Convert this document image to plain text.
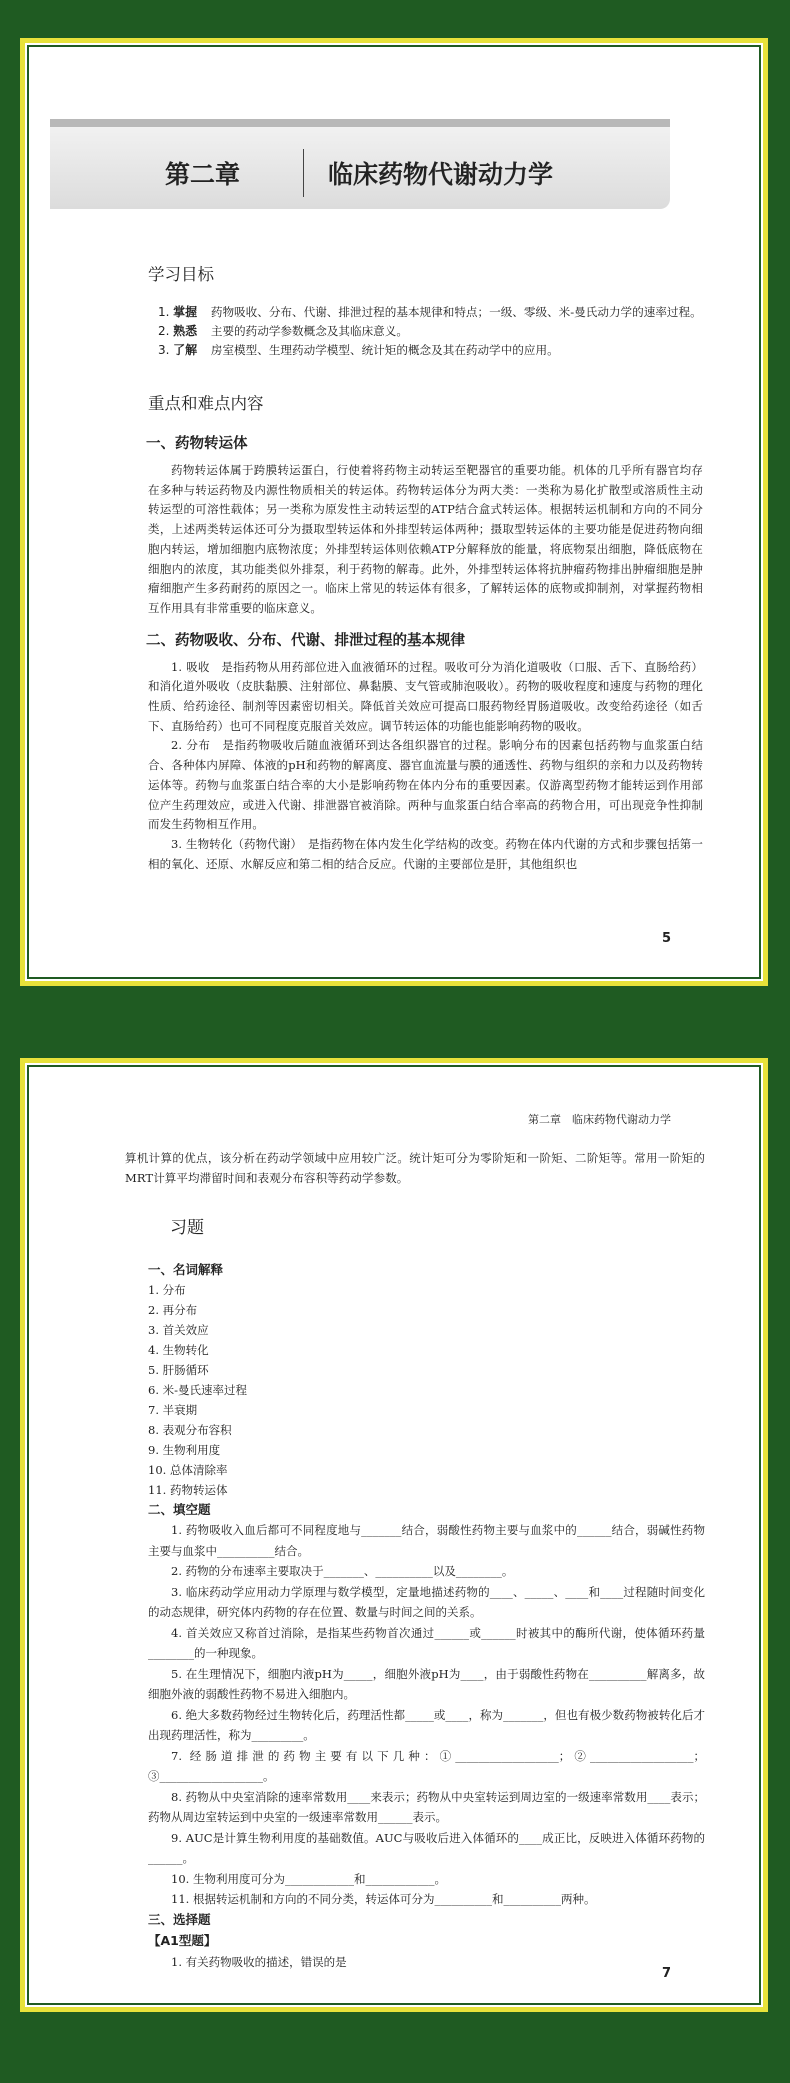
第二章	临床药物代谢动力学
学习目标
1. 掌握 药物吸收、分布、代谢、排泄过程的基本规律和特点；一级、零级、米-曼氏动力学的速率过程。
2. 熟悉 主要的药动学参数概念及其临床意义。
3. 了解 房室模型、生理药动学模型、统计矩的概念及其在药动学中的应用。
重点和难点内容
一、药物转运体

药物转运体属于跨膜转运蛋白，行使着将药物主动转运至靶器官的重要功能。机体的几乎所有器官均存在多种与转运药物及内源性物质相关的转运体。药物转运体分为两大类：一类称为易化扩散型或溶质性主动转运型的可溶性载体；另一类称为原发性主动转运型的ATP结合盒式转运体。根据转运机制和方向的不同分类，上述两类转运体还可分为摄取型转运体和外排型转运体两种；摄取型转运体的主要功能是促进药物向细胞内转运，增加细胞内底物浓度；外排型转运体则依赖ATP分解释放的能量，将底物泵出细胞，降低底物在细胞内的浓度，其功能类似外排泵，利于药物的解毒。此外，外排型转运体将抗肿瘤药物排出肿瘤细胞是肿瘤细胞产生多药耐药的原因之一。临床上常见的转运体有很多，了解转运体的底物或抑制剂，对掌握药物相互作用具有非常重要的临床意义。

二、药物吸收、分布、代谢、排泄过程的基本规律

1. 吸收　是指药物从用药部位进入血液循环的过程。吸收可分为消化道吸收（口服、舌下、直肠给药）和消化道外吸收（皮肤黏膜、注射部位、鼻黏膜、支气管或肺泡吸收）。药物的吸收程度和速度与药物的理化性质、给药途径、制剂等因素密切相关。降低首关效应可提高口服药物经胃肠道吸收。改变给药途径（如舌下、直肠给药）也可不同程度克服首关效应。调节转运体的功能也能影响药物的吸收。

2. 分布　是指药物吸收后随血液循环到达各组织器官的过程。影响分布的因素包括药物与血浆蛋白结合、各种体内屏障、体液的pH和药物的解离度、器官血流量与膜的通透性、药物与组织的亲和力以及药物转运体等。药物与血浆蛋白结合率的大小是影响药物在体内分布的重要因素。仅游离型药物才能转运到作用部位产生药理效应，或进入代谢、排泄器官被消除。两种与血浆蛋白结合率高的药物合用，可出现竞争性抑制而发生药物相互作用。

3. 生物转化（药物代谢）　是指药物在体内发生化学结构的改变。药物在体内代谢的方式和步骤包括第一相的氧化、还原、水解反应和第二相的结合反应。代谢的主要部位是肝，其他组织也

5
第二章　临床药物代谢动力学

算机计算的优点，该分析在药动学领域中应用较广泛。统计矩可分为零阶矩和一阶矩、二阶矩等。常用一阶矩的MRT计算平均滞留时间和表观分布容积等药动学参数。

习题
一、名词解释
1. 分布
2. 再分布
3. 首关效应
4. 生物转化
5. 肝肠循环
6. 米-曼氏速率过程
7. 半衰期
8. 表观分布容积
9. 生物利用度
10. 总体清除率
11. 药物转运体
二、填空题

1. 药物吸收入血后都可不同程度地与_______结合，弱酸性药物主要与血浆中的______结合，弱碱性药物主要与血浆中__________结合。

2. 药物的分布速率主要取决于_______、__________以及________。

3. 临床药动学应用动力学原理与数学模型，定量地描述药物的____、_____、____和____过程随时间变化的动态规律，研究体内药物的存在位置、数量与时间之间的关系。

4. 首关效应又称首过消除，是指某些药物首次通过______或______时被其中的酶所代谢，使体循环药量________的一种现象。

5. 在生理情况下，细胞内液pH为_____，细胞外液pH为____，由于弱酸性药物在__________解离多，故细胞外液的弱酸性药物不易进入细胞内。

6. 绝大多数药物经过生物转化后，药理活性都_____或____，称为_______，但也有极少数药物被转化后才出现药理活性，称为_________。

7. 经肠道排泄的药物主要有以下几种：①__________________；②__________________；③__________________。

8. 药物从中央室消除的速率常数用____来表示；药物从中央室转运到周边室的一级速率常数用____表示；药物从周边室转运到中央室的一级速率常数用______表示。

9. AUC是计算生物利用度的基础数值。AUC与吸收后进入体循环的____成正比，反映进入体循环药物的______。

10. 生物利用度可分为____________和____________。

11. 根据转运机制和方向的不同分类，转运体可分为__________和__________两种。

三、选择题
【A1型题】

1. 有关药物吸收的描述，错误的是

7
